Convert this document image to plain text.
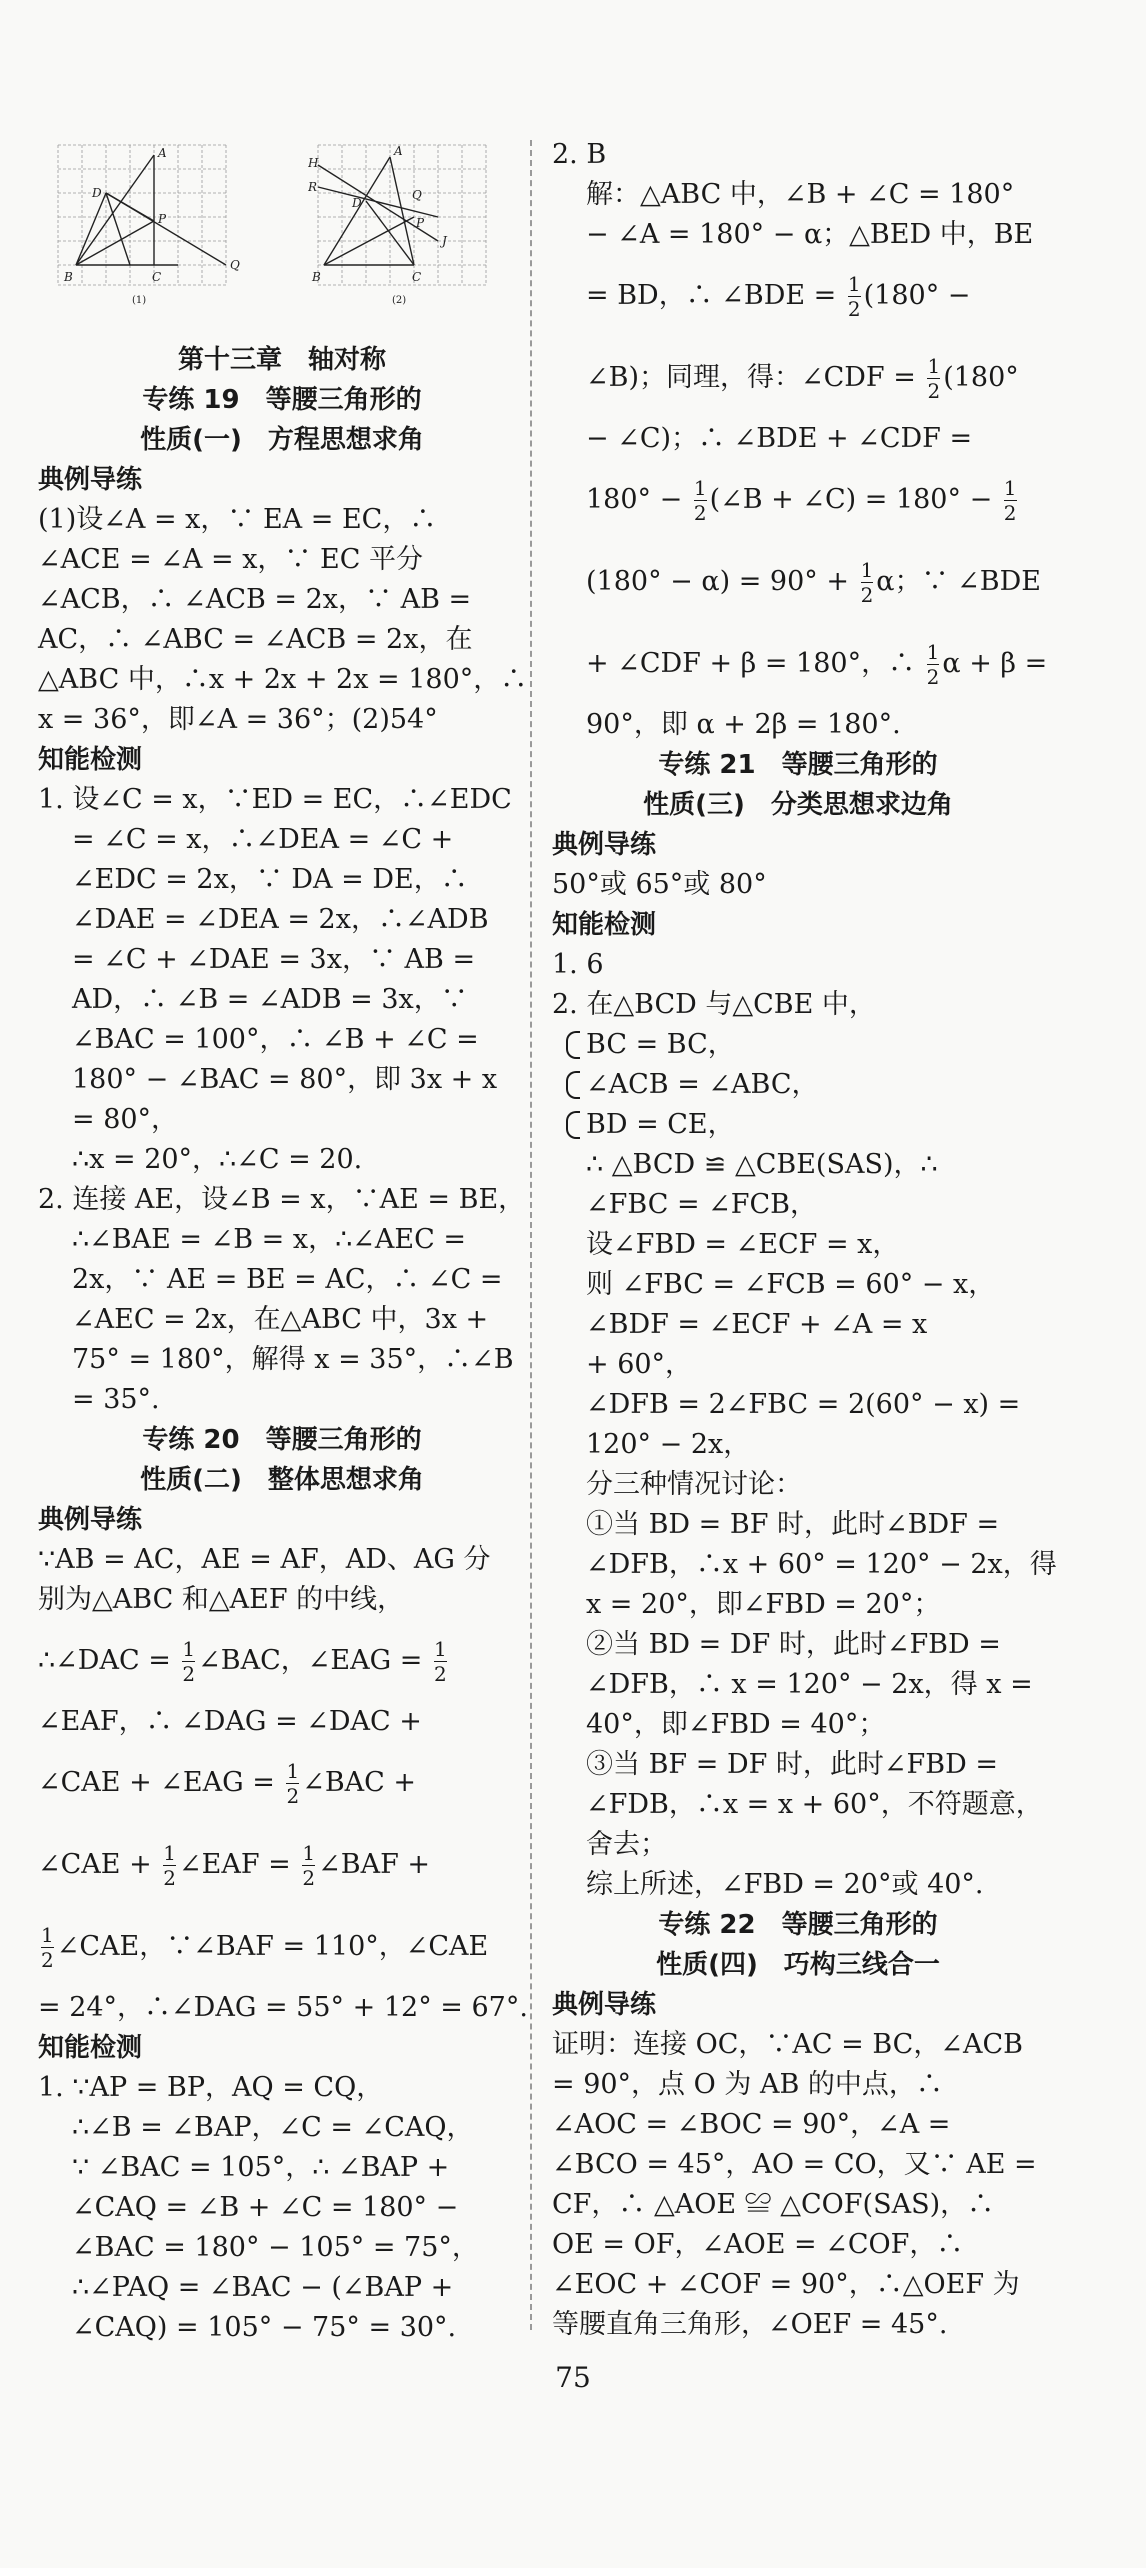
A
D
P
B	C
Q
(1)
H
A
R
D
Q
J
P
B	C
(2)
第十三章　轴对称
专练 19　等腰三角形的
性质(一)　方程思想求角
典例导练
(1)设∠A = x，∵ EA = EC，∴
∠ACE = ∠A = x，∵ EC 平分
∠ACB，∴ ∠ACB = 2x，∵ AB =
AC，∴ ∠ABC = ∠ACB = 2x，在
△ABC 中，∴x + 2x + 2x = 180°，∴
x = 36°，即∠A = 36°；(2)54°
知能检测
1. 设∠C = x，∵ED = EC，∴∠EDC
= ∠C = x，∴∠DEA = ∠C +
∠EDC = 2x，∵ DA = DE，∴
∠DAE = ∠DEA = 2x，∴∠ADB
= ∠C + ∠DAE = 3x，∵ AB =
AD，∴ ∠B = ∠ADB = 3x，∵
∠BAC = 100°，∴ ∠B + ∠C =
180° − ∠BAC = 80°，即 3x + x
= 80°，
∴x = 20°，∴∠C = 20.
2. 连接 AE，设∠B = x，∵AE = BE，
∴∠BAE = ∠B = x，∴∠AEC =
2x，∵ AE = BE = AC，∴ ∠C =
∠AEC = 2x，在△ABC 中，3x +
75° = 180°，解得 x = 35°，∴∠B
= 35°.
专练 20　等腰三角形的
性质(二)　整体思想求角
典例导练
∵AB = AC，AE = AF，AD、AG 分
别为△ABC 和△AEF 的中线，
∴∠DAC = $\frac{1}{2}$ ∠BAC，∠EAG = $\frac{1}{2}$
∠EAF，∴ ∠DAG = ∠DAC +
∠CAE + ∠EAG = $\frac{1}{2}$ ∠BAC +
∠CAE + $\frac{1}{2}$ ∠EAF = $\frac{1}{2}$ ∠BAF +
$\frac{1}{2}$ ∠CAE，∵∠BAF = 110°，∠CAE
= 24°，∴∠DAG = 55° + 12° = 67°.
知能检测
1. ∵AP = BP，AQ = CQ，
∴∠B = ∠BAP，∠C = ∠CAQ，
∵ ∠BAC = 105°，∴ ∠BAP +
∠CAQ = ∠B + ∠C = 180° −
∠BAC = 180° − 105° = 75°，
∴∠PAQ = ∠BAC − (∠BAP +
∠CAQ) = 105° − 75° = 30°.
2. B
解：△ABC 中，∠B + ∠C = 180°
− ∠A = 180° − α；△BED 中，BE
= BD，∴ ∠BDE = $\frac{1}{2} (180^\circ$ −
∠B)；同理，得：∠CDF = $\frac{1}{2} (180^\circ$
− ∠C)；∴ ∠BDE + ∠CDF =
$180^\circ - \frac{1}{2}$ (∠B + ∠C) = $180^\circ - \frac{1}{2}$
$(180^\circ - \alpha) = 90^\circ + \frac{1}{2}$ α；∵ ∠BDE
+ ∠CDF + β = 180°，∴ $\frac{1}{2}$ α + β =
90°，即 α + 2β = 180°.
专练 21　等腰三角形的
性质(三)　分类思想求边角
典例导练
50°或 65°或 80°
知能检测
1. 6
2. 在△BCD 与△CBE 中，
BC = BC，
∠ACB = ∠ABC，
BD = CE，
∴ △BCD ≌ △CBE(SAS)，∴
∠FBC = ∠FCB，
设∠FBD = ∠ECF = x，
则 ∠FBC = ∠FCB = 60° − x，
∠BDF = ∠ECF + ∠A = x
+ 60°，
∠DFB = 2∠FBC = 2(60° − x) =
120° − 2x，
分三种情况讨论：
①当 BD = BF 时，此时∠BDF =
∠DFB，∴x + 60° = 120° − 2x，得
x = 20°，即∠FBD = 20°；
②当 BD = DF 时，此时∠FBD =
∠DFB，∴ x = 120° − 2x，得 x =
40°，即∠FBD = 40°；
③当 BF = DF 时，此时∠FBD =
∠FDB，∴x = x + 60°，不符题意，
舍去；
综上所述，∠FBD = 20°或 40°.
专练 22　等腰三角形的
性质(四)　巧构三线合一
典例导练
证明：连接 OC，∵AC = BC，∠ACB
= 90°，点 O 为 AB 的中点，∴
∠AOC = ∠BOC = 90°，∠A =
∠BCO = 45°，AO = CO，又∵ AE =
CF，∴ △AOE ≌ △COF(SAS)，∴
OE = OF，∠AOE = ∠COF，∴
∠EOC + ∠COF = 90°，∴△OEF 为
等腰直角三角形，∠OEF = 45°.
75
